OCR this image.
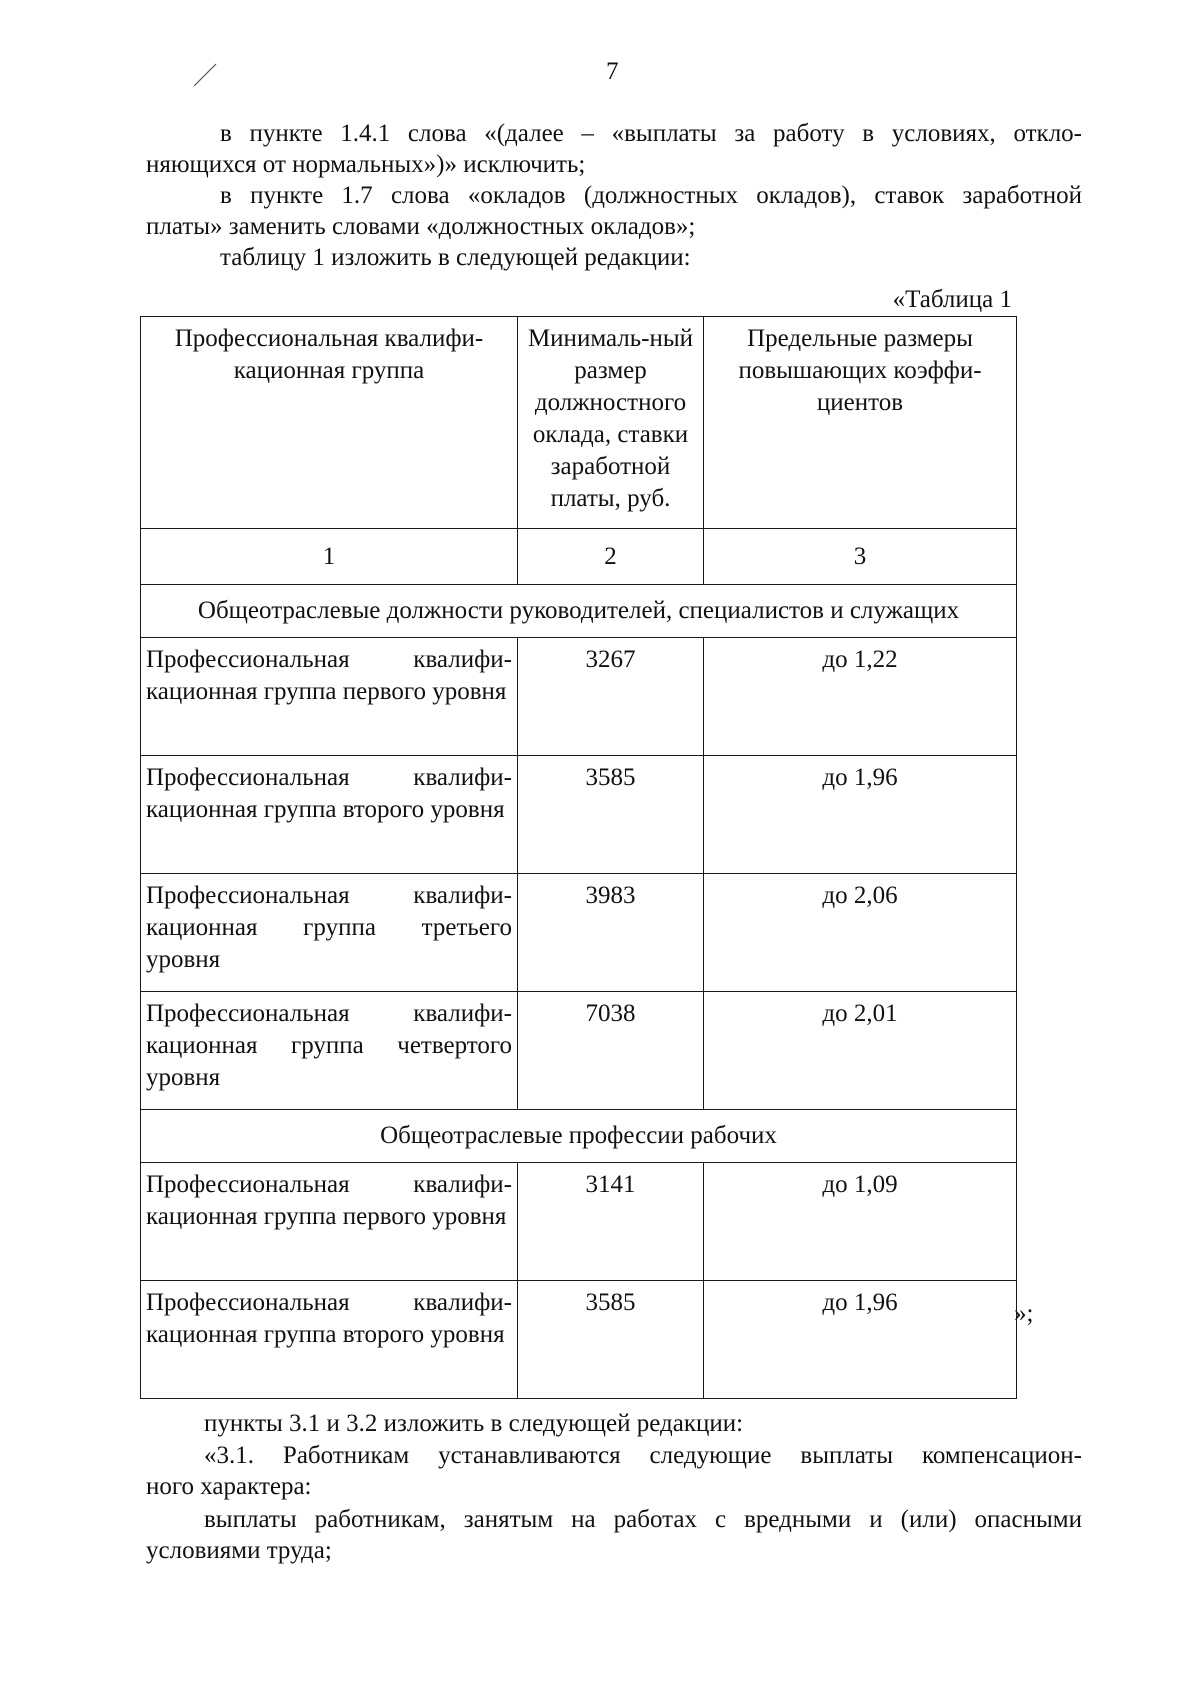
7

в пункте 1.4.1 слова «(далее – «выплаты за работу в условиях, откло-
няющихся от нормальных»)» исключить;

в пункте 1.7 слова «окладов (должностных окладов), ставок заработной
платы» заменить словами «должностных окладов»;

таблицу 1 изложить в следующей редакции:

«Таблица 1
Профессиональная квалифи-кационная группа	Минималь-ный размер должностного оклада, ставки заработной платы, руб.	Предельные размеры повышающих коэффи-циентов
1	2	3
Общеотраслевые должности руководителей, специалистов и служащих		
Профессиональная квалифи-кационная группа первого уровня	3267	до 1,22
Профессиональная квалифи-кационная группа второго уровня	3585	до 1,96
Профессиональная квалифи-кационная группа третьего уровня	3983	до 2,06
Профессиональная квалифи-кационная группа четвертого уровня	7038	до 2,01
Общеотраслевые профессии рабочих		
Профессиональная квалифи-кационная группа первого уровня	3141	до 1,09
Профессиональная квалифи-кационная группа второго уровня	3585	до 1,96	»;

пункты 3.1 и 3.2 изложить в следующей редакции:

«3.1. Работникам устанавливаются следующие выплаты компенсацион-
ного характера:

выплаты работникам, занятым на работах с вредными и (или) опасными
условиями труда;
